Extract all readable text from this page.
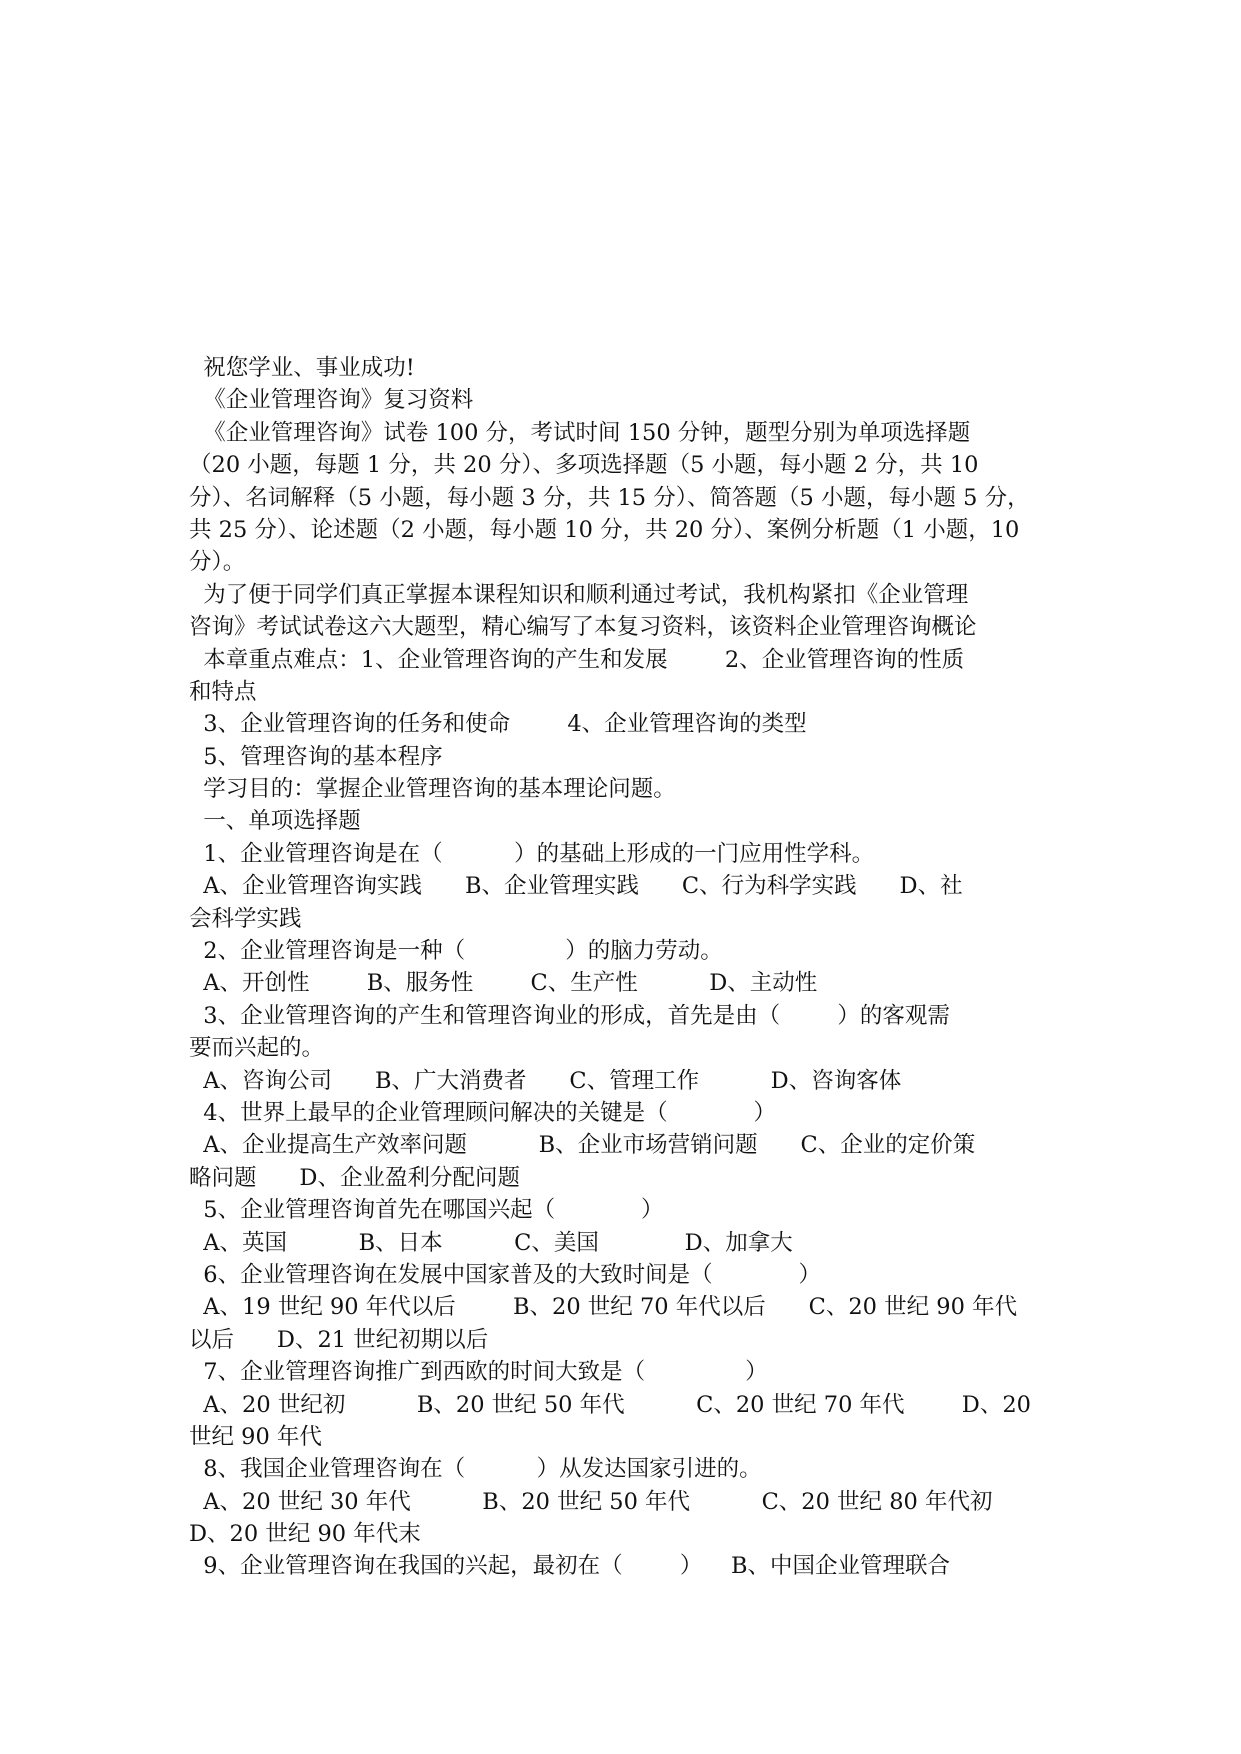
祝您学业、事业成功!
《企业管理咨询》复习资料
《企业管理咨询》试卷 100 分，考试时间 150 分钟，题型分别为单项选择题
（20 小题，每题 1 分，共 20 分）、多项选择题（5 小题，每小题 2 分，共 10
分）、名词解释（5 小题，每小题 3 分，共 15 分）、简答题（5 小题，每小题 5 分，
共 25 分）、论述题（2 小题，每小题 10 分，共 20 分）、案例分析题（1 小题，10
分）。
为了便于同学们真正掌握本课程知识和顺利通过考试，我机构紧扣《企业管理
咨询》考试试卷这六大题型，精心编写了本复习资料，该资料企业管理咨询概论
本章重点难点：1、企业管理咨询的产生和发展        2、企业管理咨询的性质
和特点
3、企业管理咨询的任务和使命        4、企业管理咨询的类型
5、管理咨询的基本程序
学习目的：掌握企业管理咨询的基本理论问题。
一、单项选择题
1、企业管理咨询是在（          ）的基础上形成的一门应用性学科。
A、企业管理咨询实践      B、企业管理实践      C、行为科学实践      D、社
会科学实践
2、企业管理咨询是一种（              ）的脑力劳动。
A、开创性        B、服务性        C、生产性          D、主动性
3、企业管理咨询的产生和管理咨询业的形成，首先是由（        ）的客观需
要而兴起的。
A、咨询公司      B、广大消费者      C、管理工作          D、咨询客体
4、世界上最早的企业管理顾问解决的关键是（            ）
A、企业提高生产效率问题          B、企业市场营销问题      C、企业的定价策
略问题      D、企业盈利分配问题
5、企业管理咨询首先在哪国兴起（            ）
A、英国          B、日本          C、美国            D、加拿大
6、企业管理咨询在发展中国家普及的大致时间是（            ）
A、19 世纪 90 年代以后        B、20 世纪 70 年代以后      C、20 世纪 90 年代
以后      D、21 世纪初期以后
7、企业管理咨询推广到西欧的时间大致是（              ）
A、20 世纪初          B、20 世纪 50 年代          C、20 世纪 70 年代        D、20
世纪 90 年代
8、我国企业管理咨询在（          ）从发达国家引进的。
A、20 世纪 30 年代          B、20 世纪 50 年代          C、20 世纪 80 年代初
D、20 世纪 90 年代末
9、企业管理咨询在我国的兴起，最初在（        ）    B、中国企业管理联合
